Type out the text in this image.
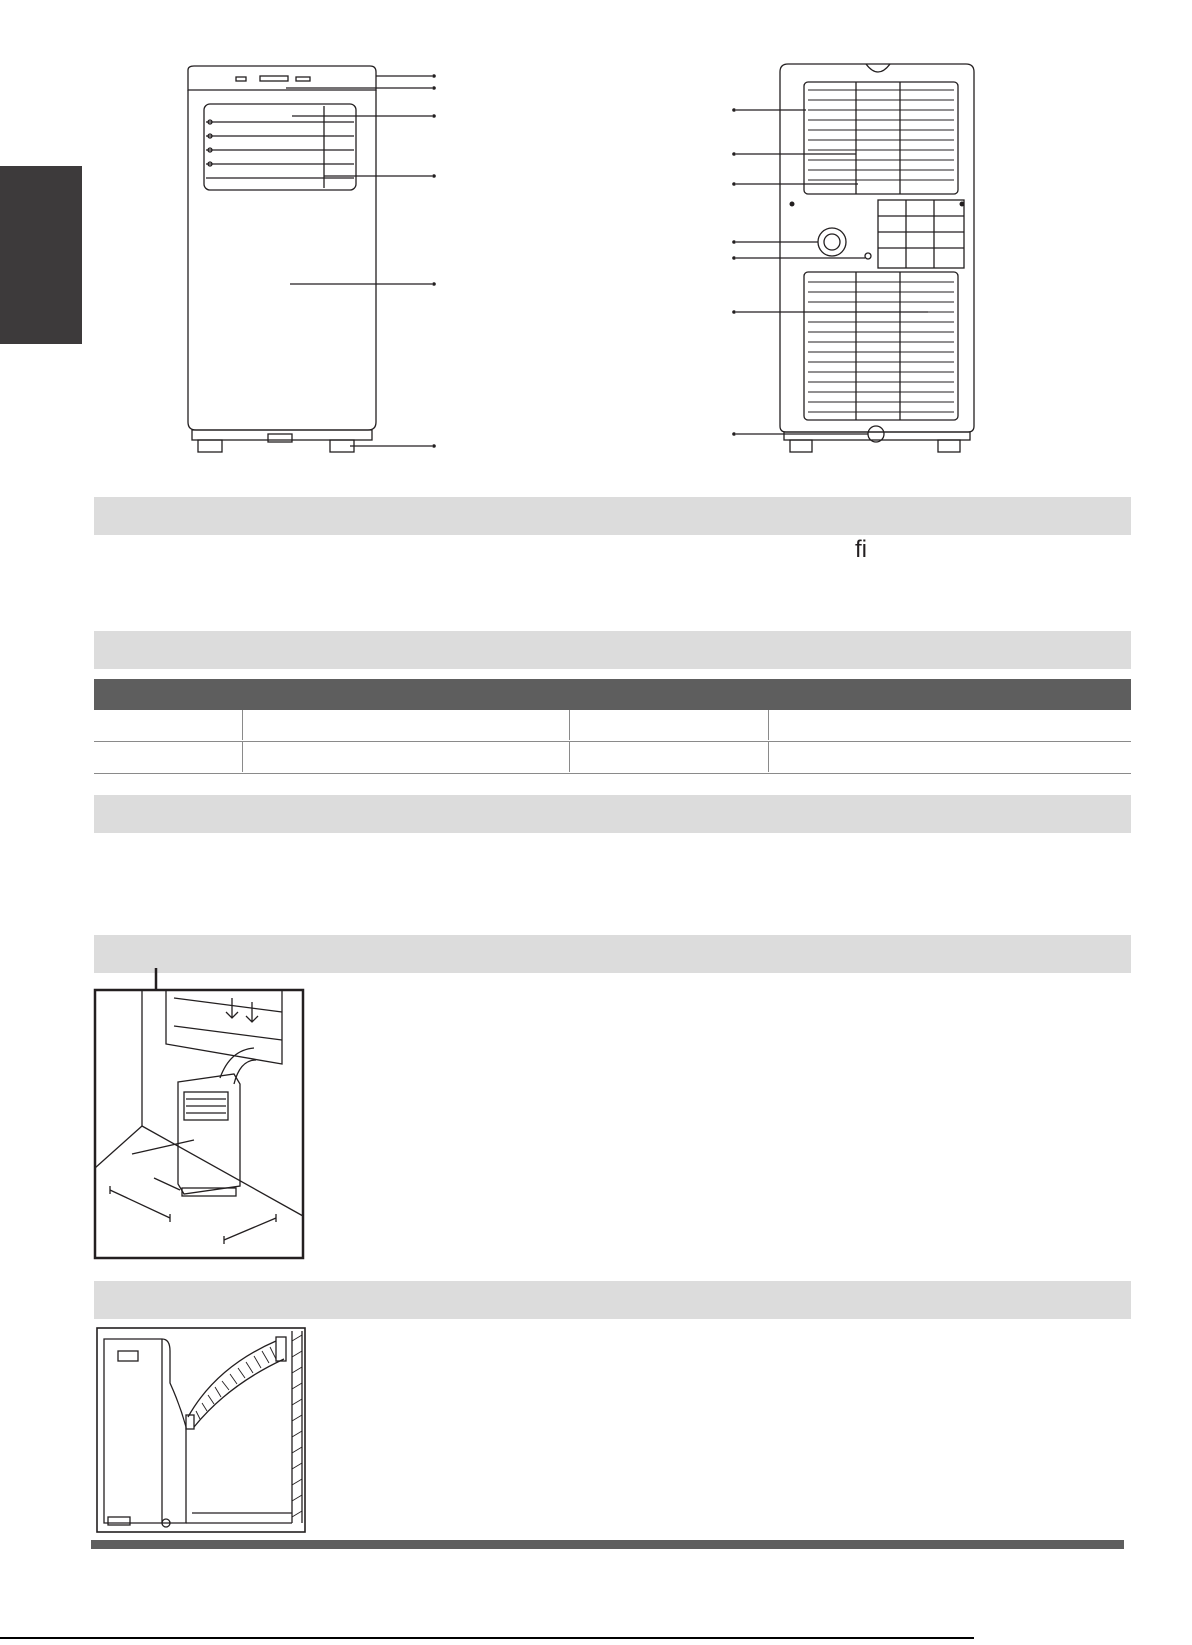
ﬁ
